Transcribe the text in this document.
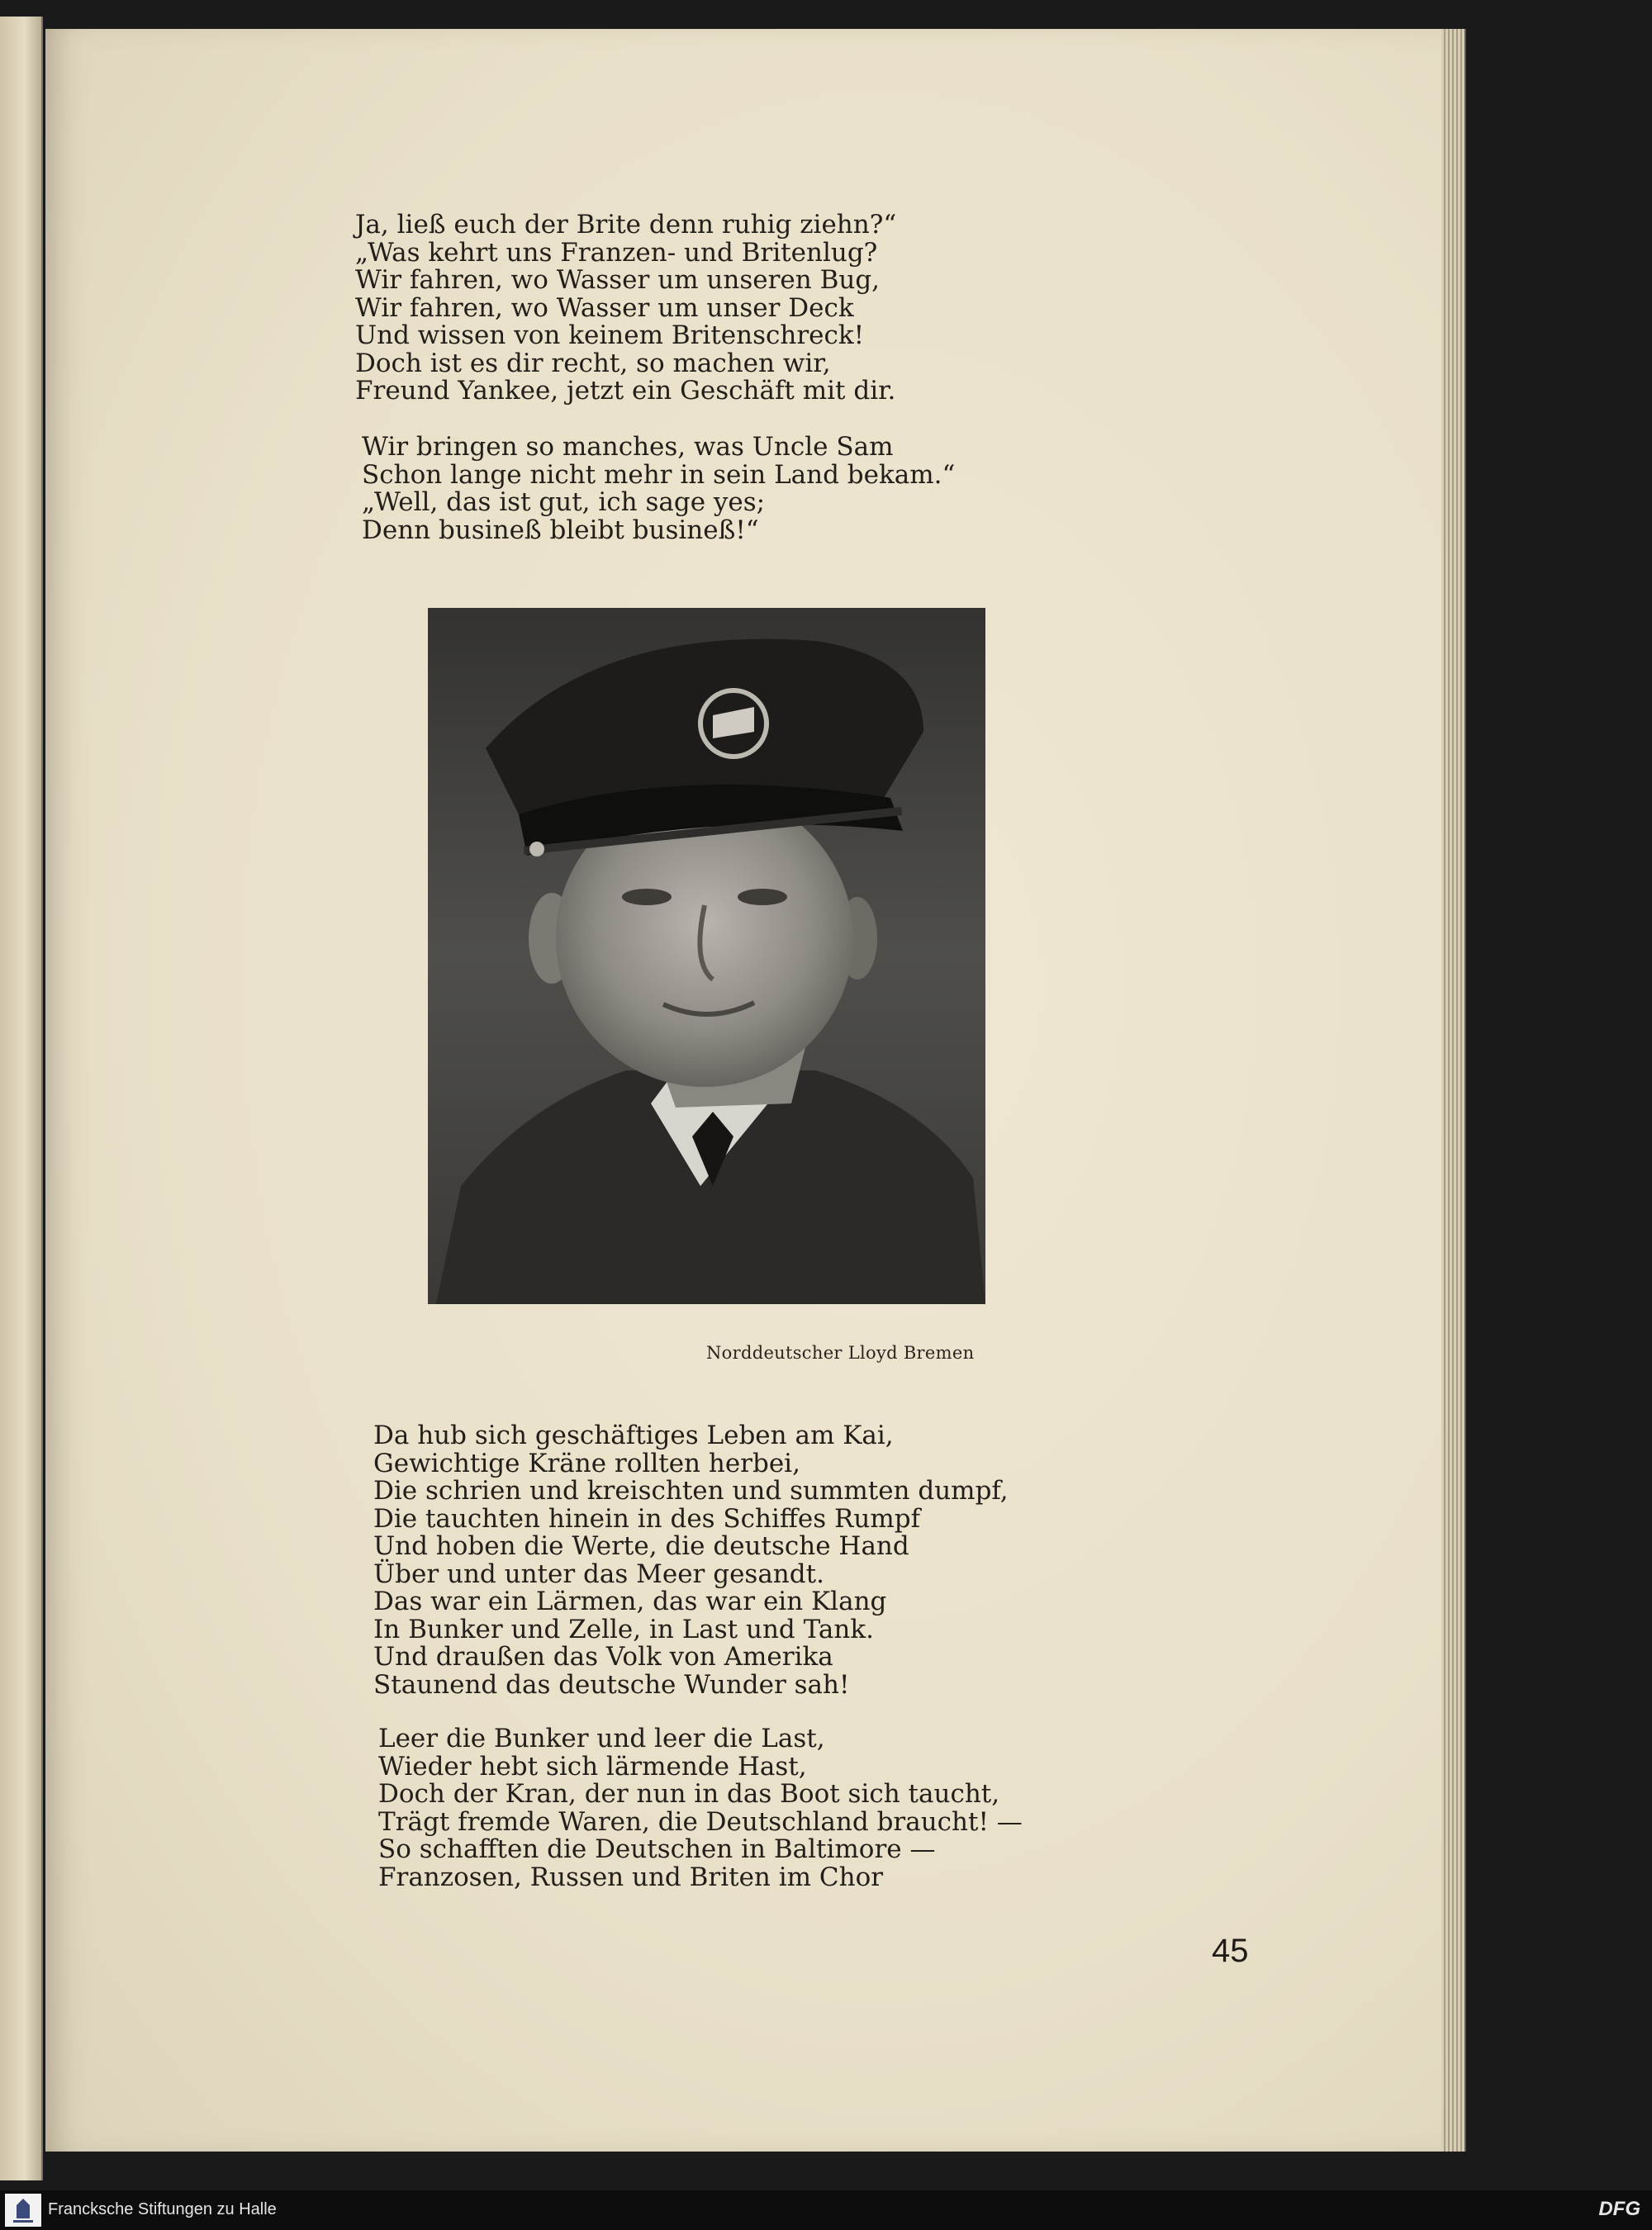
Ja, ließ euch der Brite denn ruhig ziehn?“
„Was kehrt uns Franzen- und Britenlug?
Wir fahren, wo Wasser um unseren Bug,
Wir fahren, wo Wasser um unser Deck
Und wissen von keinem Britenschreck!
Doch ist es dir recht, so machen wir,
Freund Yankee, jetzt ein Geschäft mit dir.
Wir bringen so manches, was Uncle Sam
Schon lange nicht mehr in sein Land bekam.“
„Well, das ist gut, ich sage yes;
Denn busineß bleibt busineß!“
Norddeutscher Lloyd Bremen
Da hub sich geschäftiges Leben am Kai,
Gewichtige Kräne rollten herbei,
Die schrien und kreischten und summten dumpf,
Die tauchten hinein in des Schiffes Rumpf
Und hoben die Werte, die deutsche Hand
Über und unter das Meer gesandt.
Das war ein Lärmen, das war ein Klang
In Bunker und Zelle, in Last und Tank.
Und draußen das Volk von Amerika
Staunend das deutsche Wunder sah!
Leer die Bunker und leer die Last,
Wieder hebt sich lärmende Hast,
Doch der Kran, der nun in das Boot sich taucht,
Trägt fremde Waren, die Deutschland braucht! —
So schafften die Deutschen in Baltimore —
Franzosen, Russen und Briten im Chor
45
Francksche Stiftungen zu Halle	DFG
